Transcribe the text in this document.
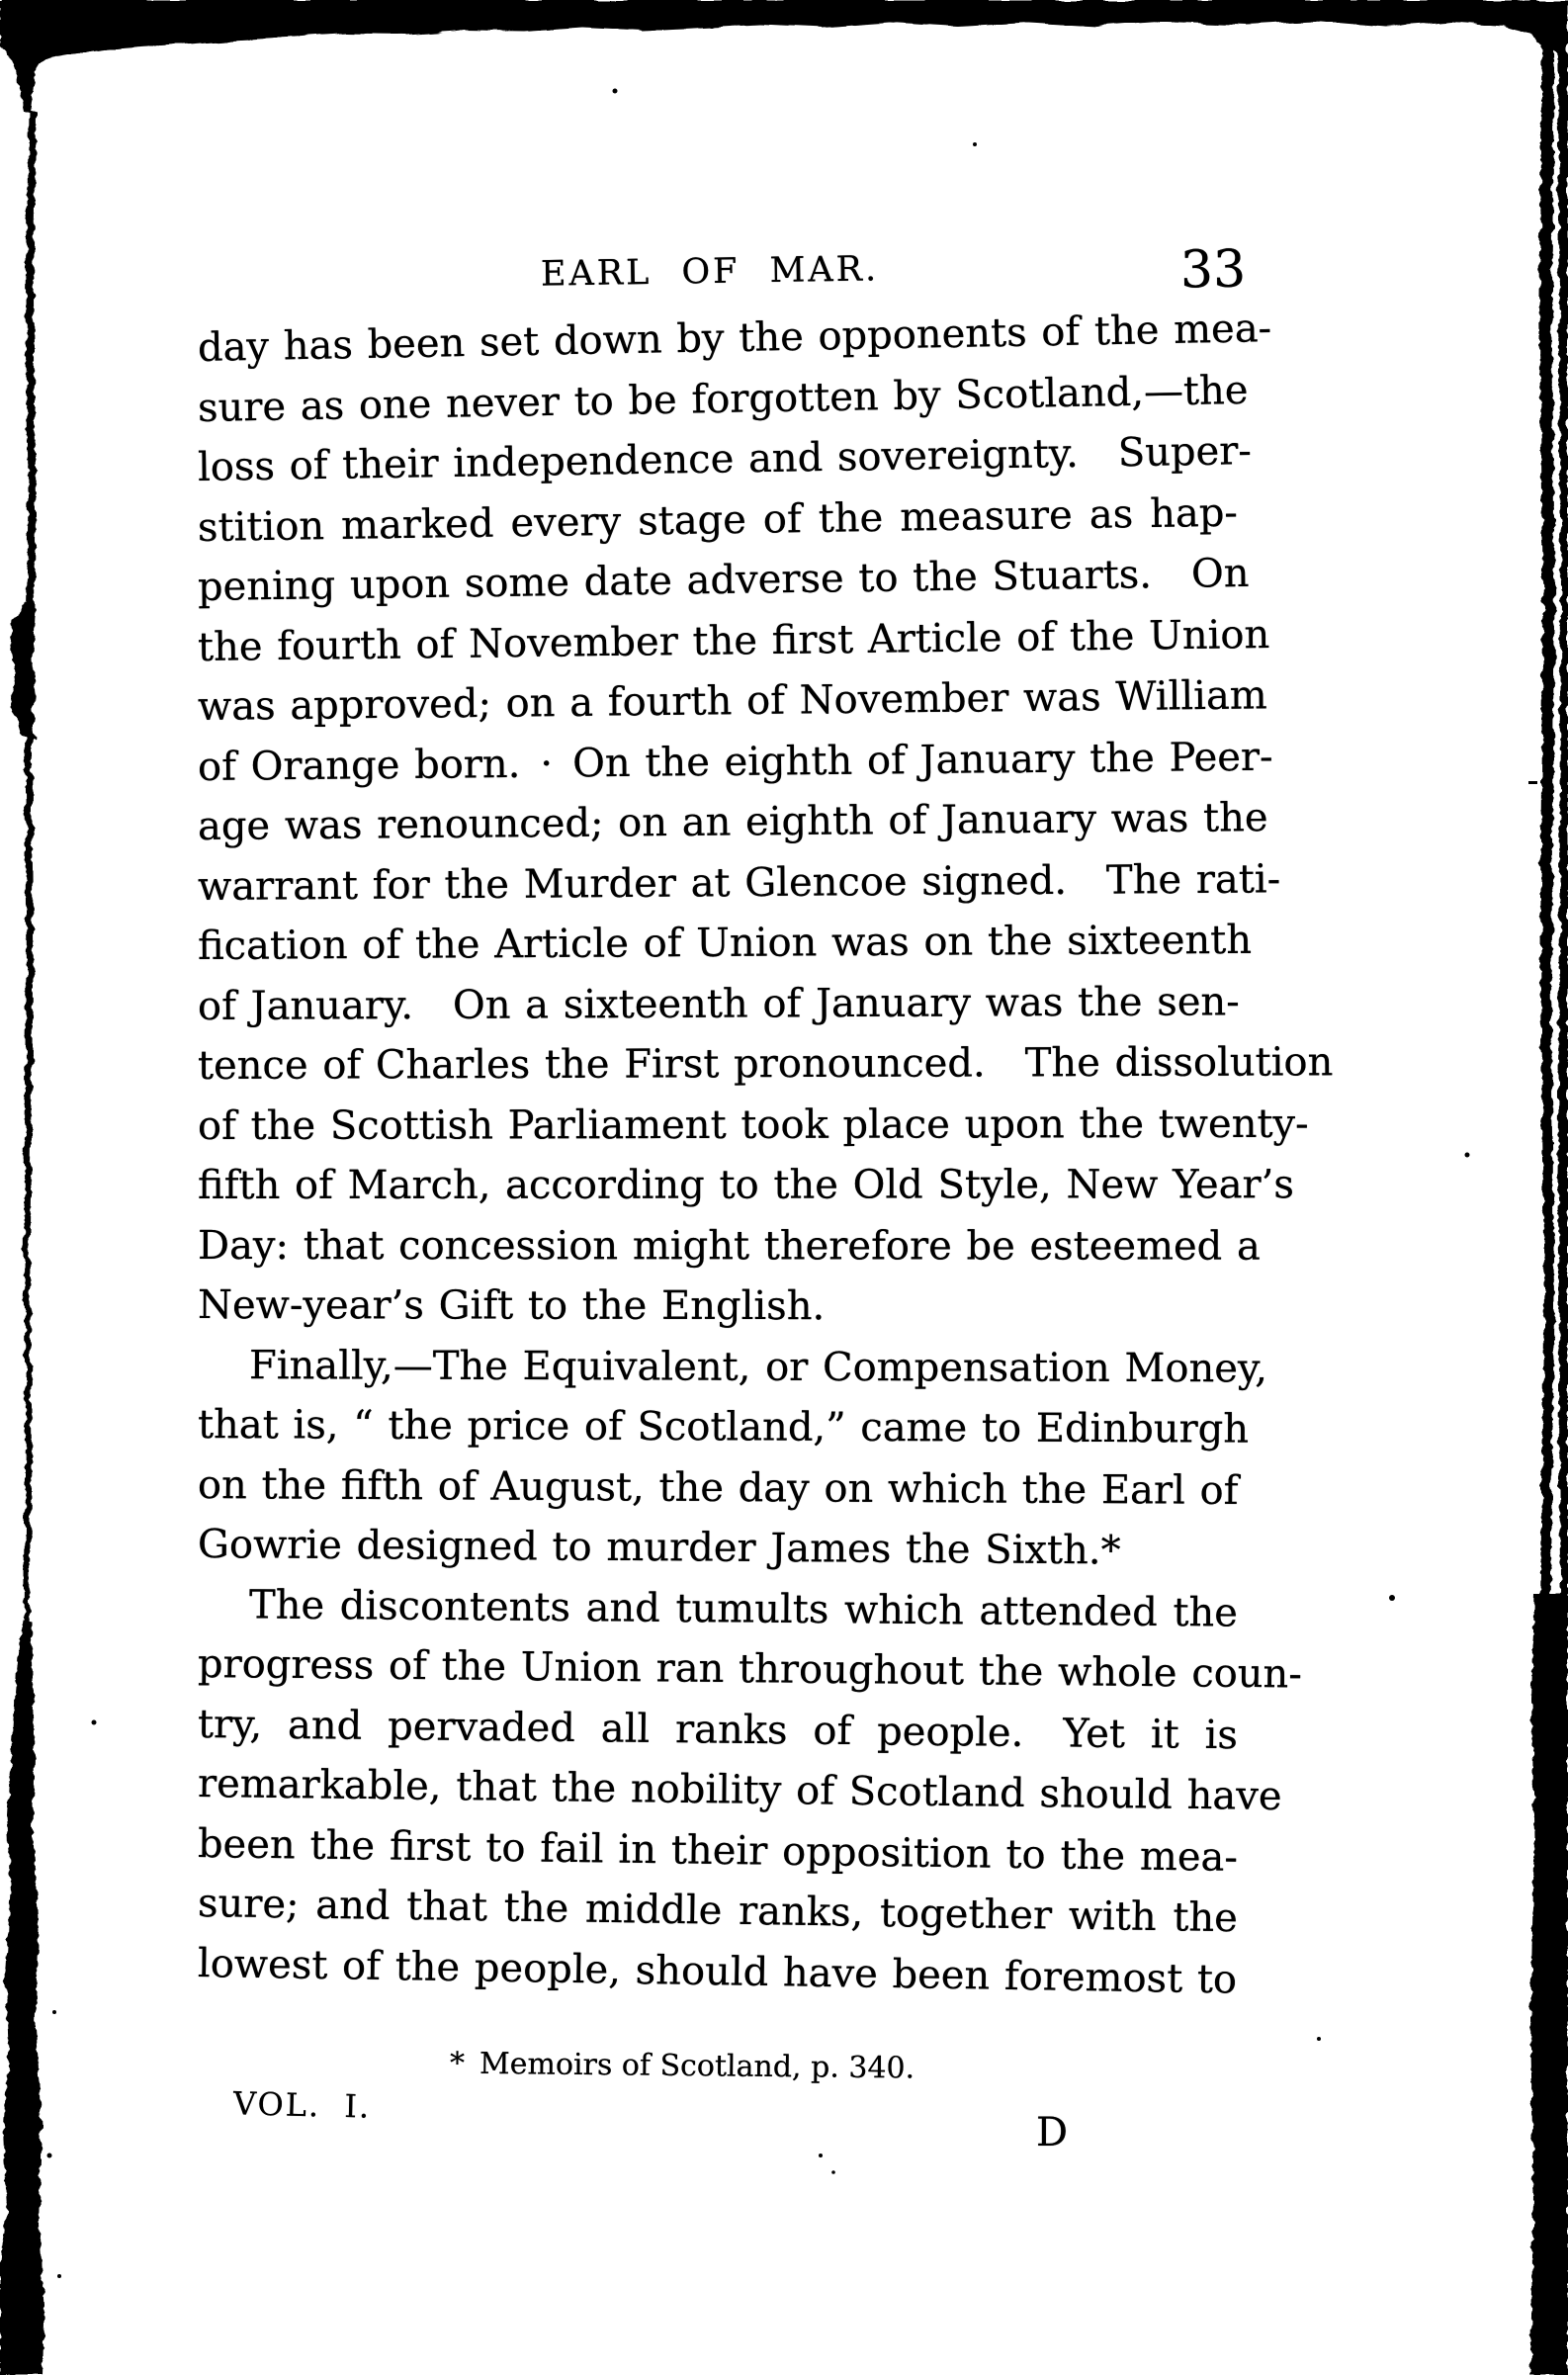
EARL OF MAR.	33
day has been set down by the opponents of the mea-
sure as one never to be forgotten by Scotland,—the
loss of their independence and sovereignty.  Super-
stition marked every stage of the measure as hap-
pening upon some date adverse to the Stuarts.  On
the fourth of November the first Article of the Union
was approved; on a fourth of November was William
of Orange born. · On the eighth of January the Peer-
age was renounced; on an eighth of January was the
warrant for the Murder at Glencoe signed.  The rati-
fication of the Article of Union was on the sixteenth
of January.  On a sixteenth of January was the sen-
tence of Charles the First pronounced.  The dissolution
of the Scottish Parliament took place upon the twenty-
fifth of March, according to the Old Style, New Year’s
Day: that concession might therefore be esteemed a
New-year’s Gift to the English.
Finally,—The Equivalent, or Compensation Money,
that is, “ the price of Scotland,” came to Edinburgh
on the fifth of August, the day on which the Earl of
Gowrie designed to murder James the Sixth.*
The discontents and tumults which attended the
progress of the Union ran throughout the whole coun-
try, and pervaded all ranks of people.  Yet it is
remarkable, that the nobility of Scotland should have
been the first to fail in their opposition to the mea-
sure; and that the middle ranks, together with the
lowest of the people, should have been foremost to
* Memoirs of Scotland, p. 340.
VOL. I.
D
